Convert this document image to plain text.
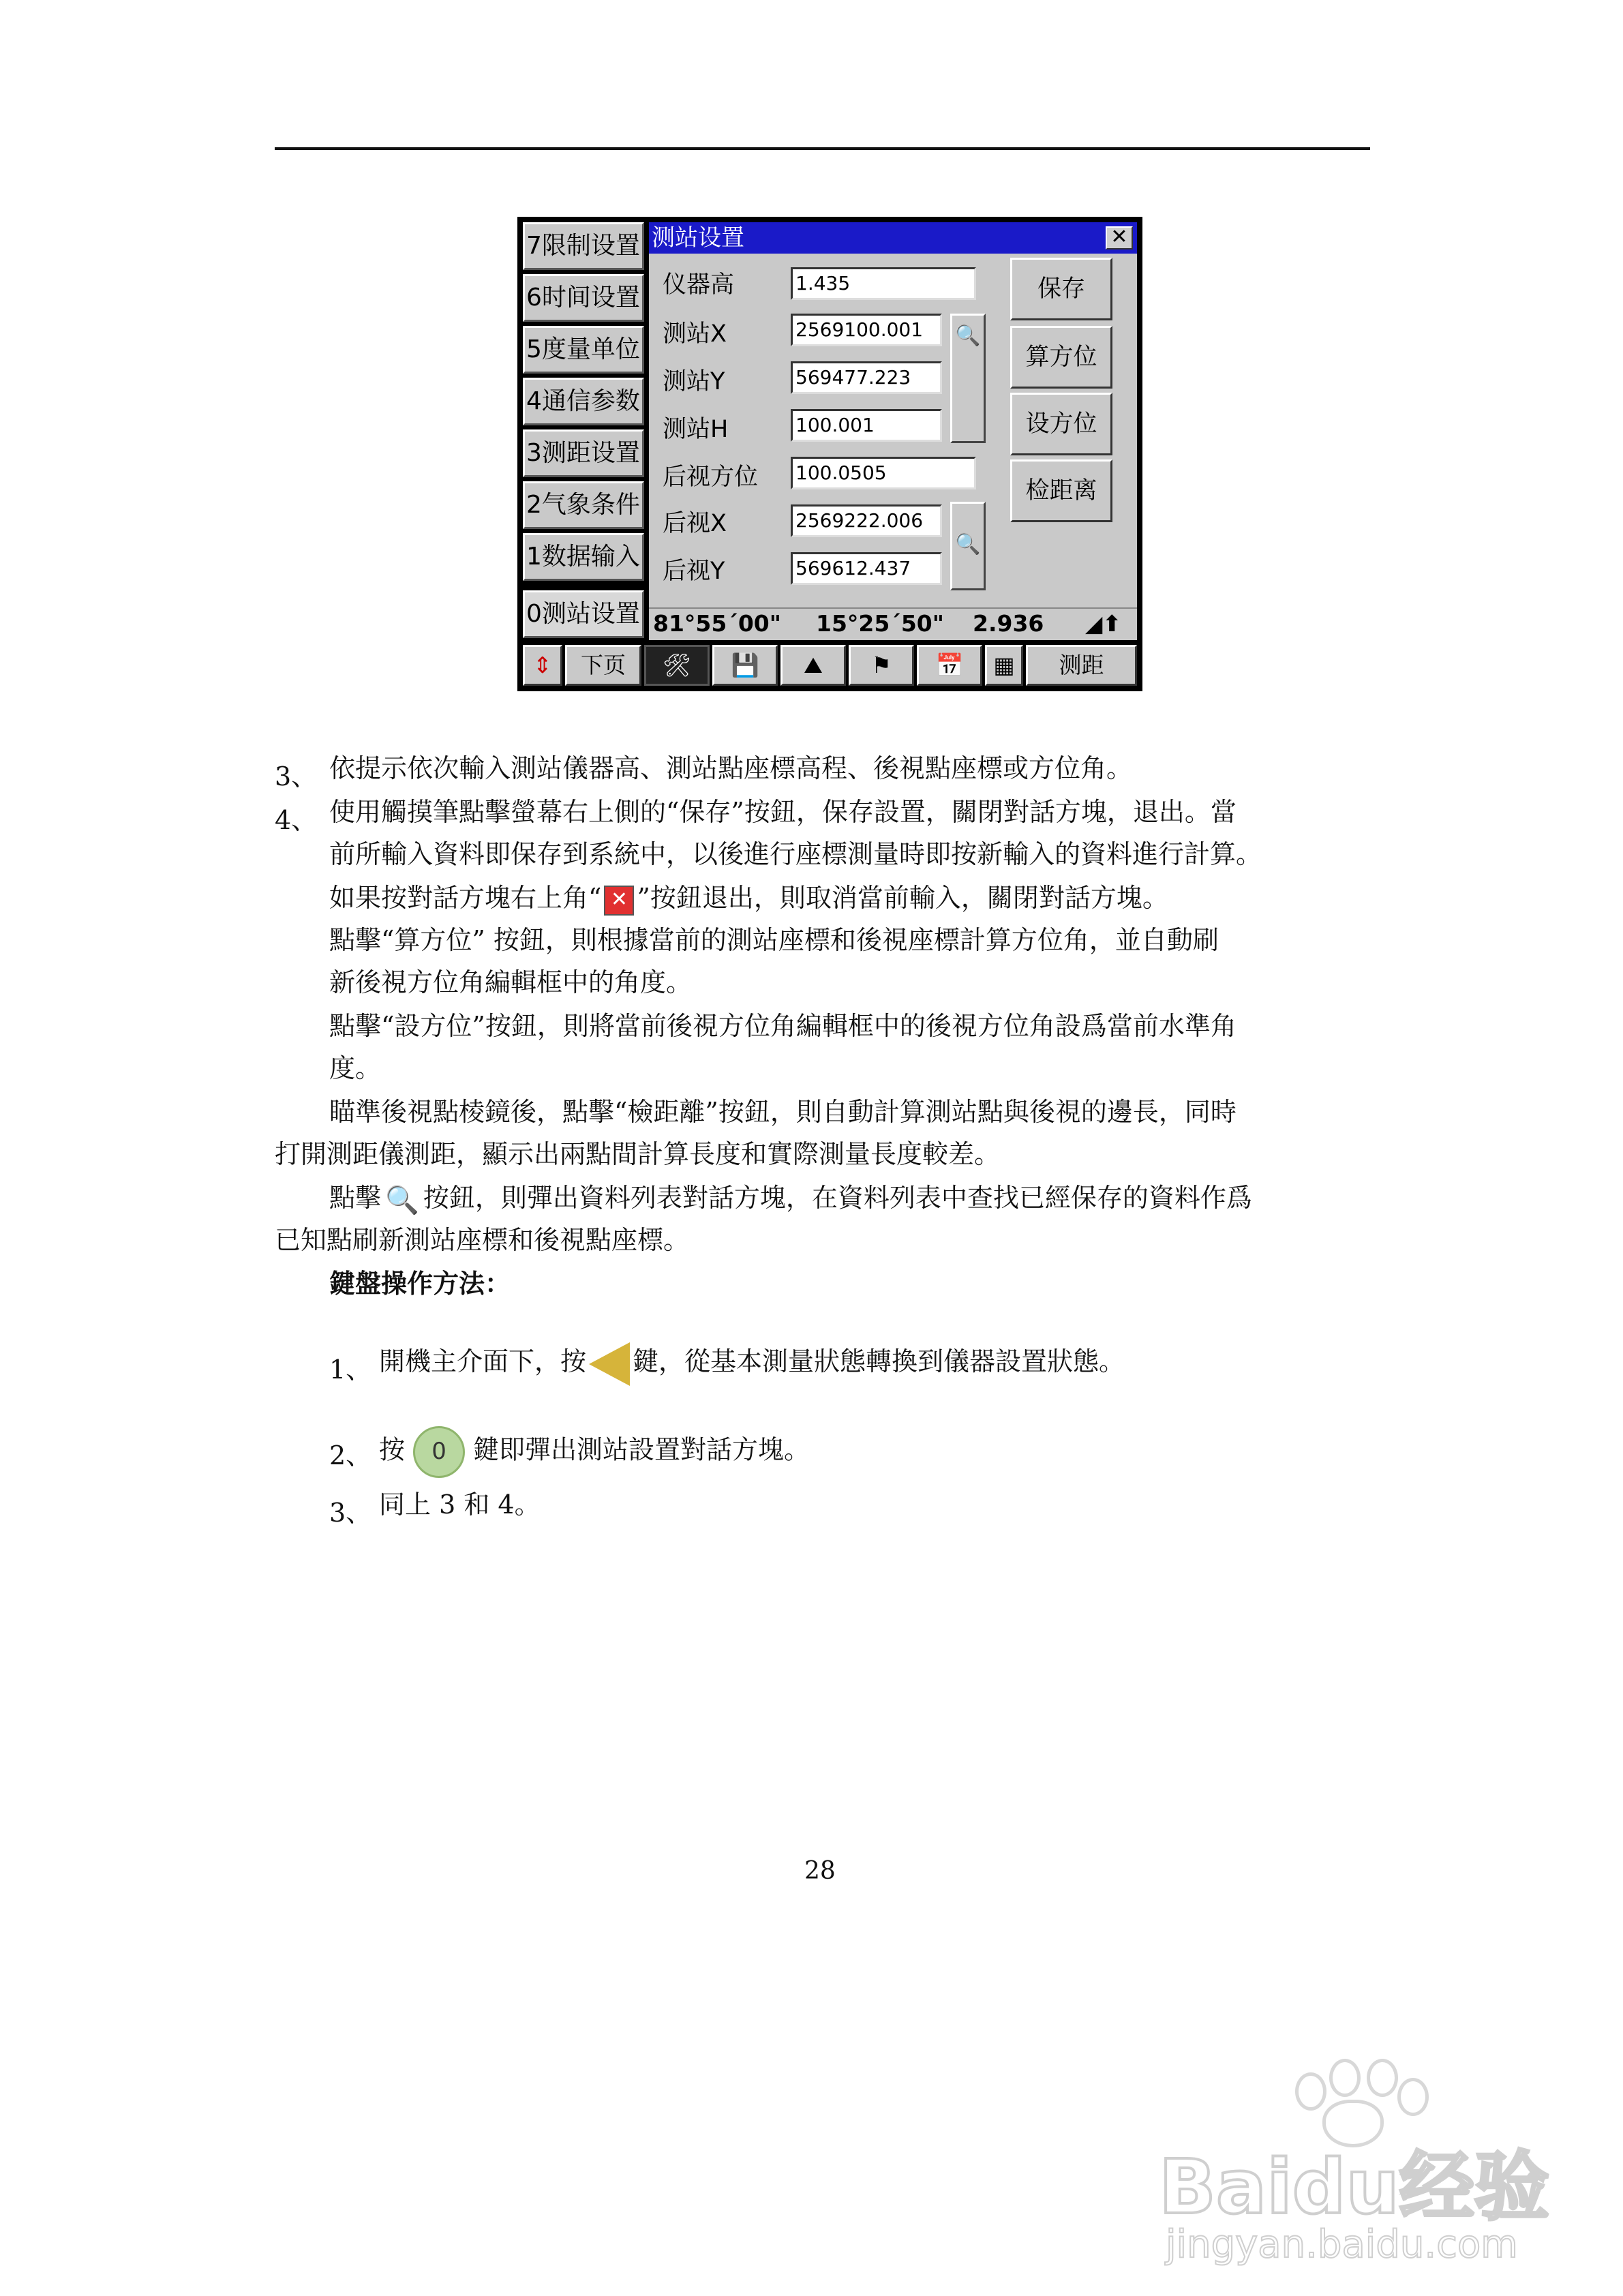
7限制设置
6时间设置
5度量单位
4通信参数
3测距设置
2气象条件
1数据输入
0测站设置
测站设置	✕
仪器高	1.435
测站X	2569100.001
测站Y	569477.223
测站H	100.001
后视方位 100.0505
后视X	2569222.006
后视Y	569612.437
🔍
🔍
保存
算方位
设方位
检距离
81°55´00" 15°25´50" 2.936 ◢⬆
⇕	下页	🛠	💾	⛰	⚑	📅	▦	测距
3、 依提示依次輸入測站儀器高、測站點座標高程、後視點座標或方位角。
4、 使用觸摸筆點擊螢幕右上側的“保存”按鈕，保存設置，關閉對話方塊，退出。當
前所輸入資料即保存到系統中，以後進行座標測量時即按新輸入的資料進行計算。
如果按對話方塊右上角“ ✕ ”按鈕退出，則取消當前輸入，關閉對話方塊。
點擊“算方位” 按鈕，則根據當前的測站座標和後視座標計算方位角，並自動刷
新後視方位角編輯框中的角度。
點擊“設方位”按鈕，則將當前後視方位角編輯框中的後視方位角設爲當前水準角
度。
瞄準後視點棱鏡後，點擊“檢距離”按鈕，則自動計算測站點與後視的邊長，同時
打開測距儀測距，顯示出兩點間計算長度和實際測量長度較差。
點擊 🔍 按鈕，則彈出資料列表對話方塊，在資料列表中查找已經保存的資料作爲
已知點刷新測站座標和後視點座標。
鍵盤操作方法：
1、 開機主介面下，按 鍵，從基本測量狀態轉換到儀器設置狀態。
2、 按 0 鍵即彈出測站設置對話方塊。
3、 同上 3 和 4。
28
Baidu经验
jingyan.baidu.com
